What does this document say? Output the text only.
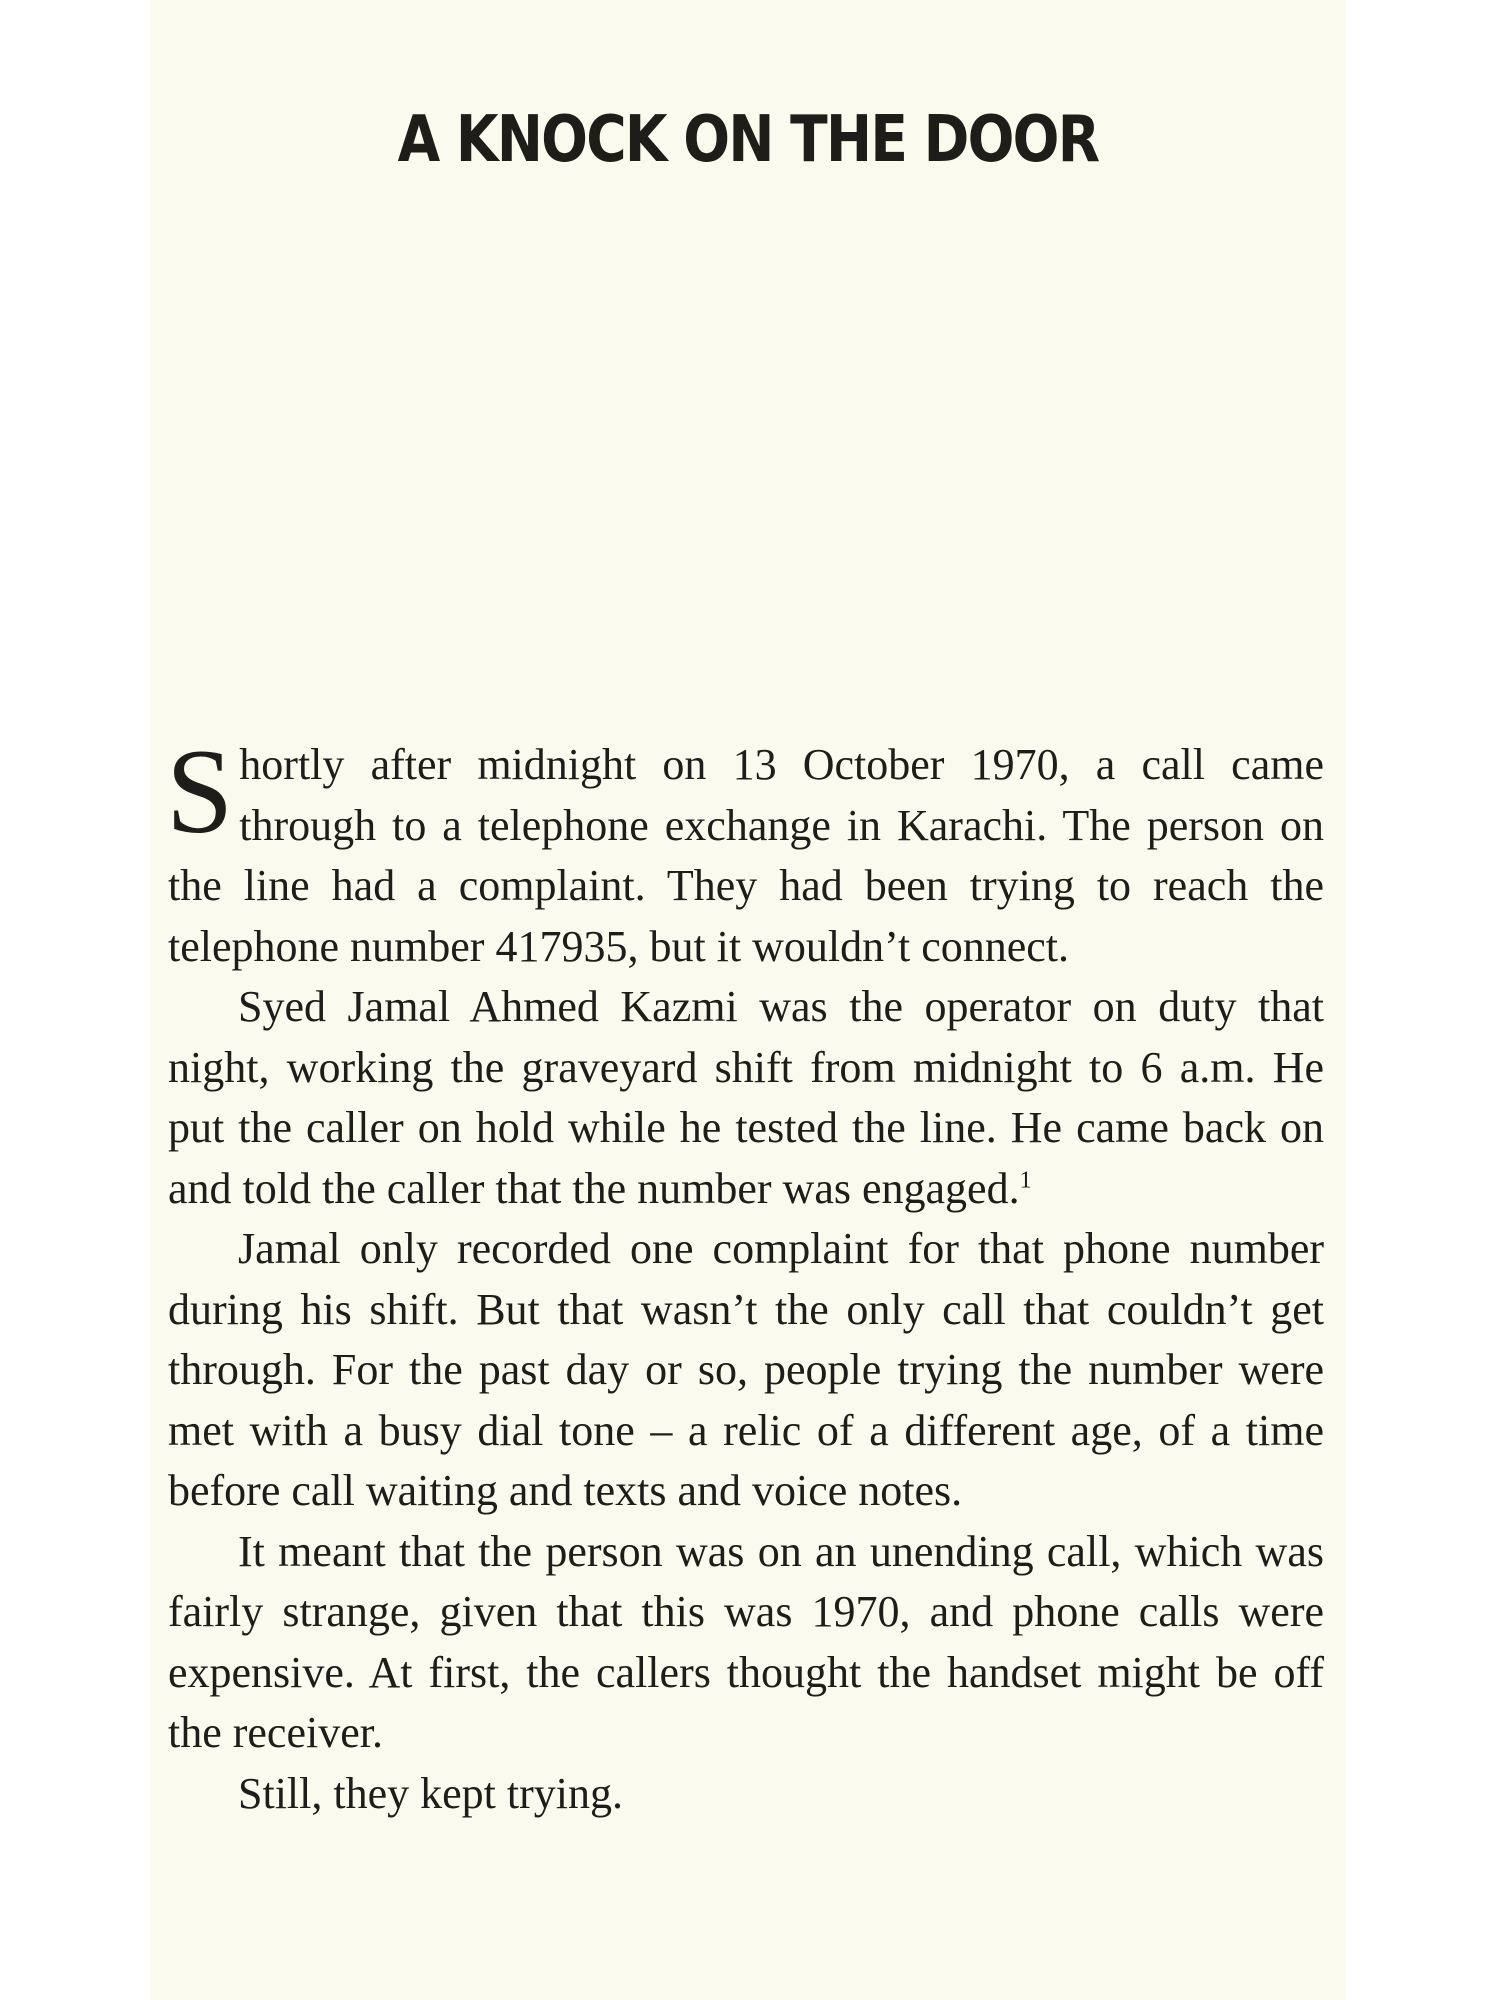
A KNOCK ON THE DOOR

Shortly after midnight on 13 October 1970, a call came through to a telephone exchange in Karachi. The person on the line had a complaint. They had been trying to reach the telephone number 417935, but it wouldn’t connect.

Syed Jamal Ahmed Kazmi was the operator on duty that night, working the graveyard shift from midnight to 6 a.m. He put the caller on hold while he tested the line. He came back on and told the caller that the number was engaged.$^1$

Jamal only recorded one complaint for that phone number during his shift. But that wasn’t the only call that couldn’t get through. For the past day or so, people trying the number were met with a busy dial tone – a relic of a different age, of a time before call waiting and texts and voice notes.

It meant that the person was on an unending call, which was fairly strange, given that this was 1970, and phone calls were expensive. At first, the callers thought the handset might be off the receiver.

Still, they kept trying.
